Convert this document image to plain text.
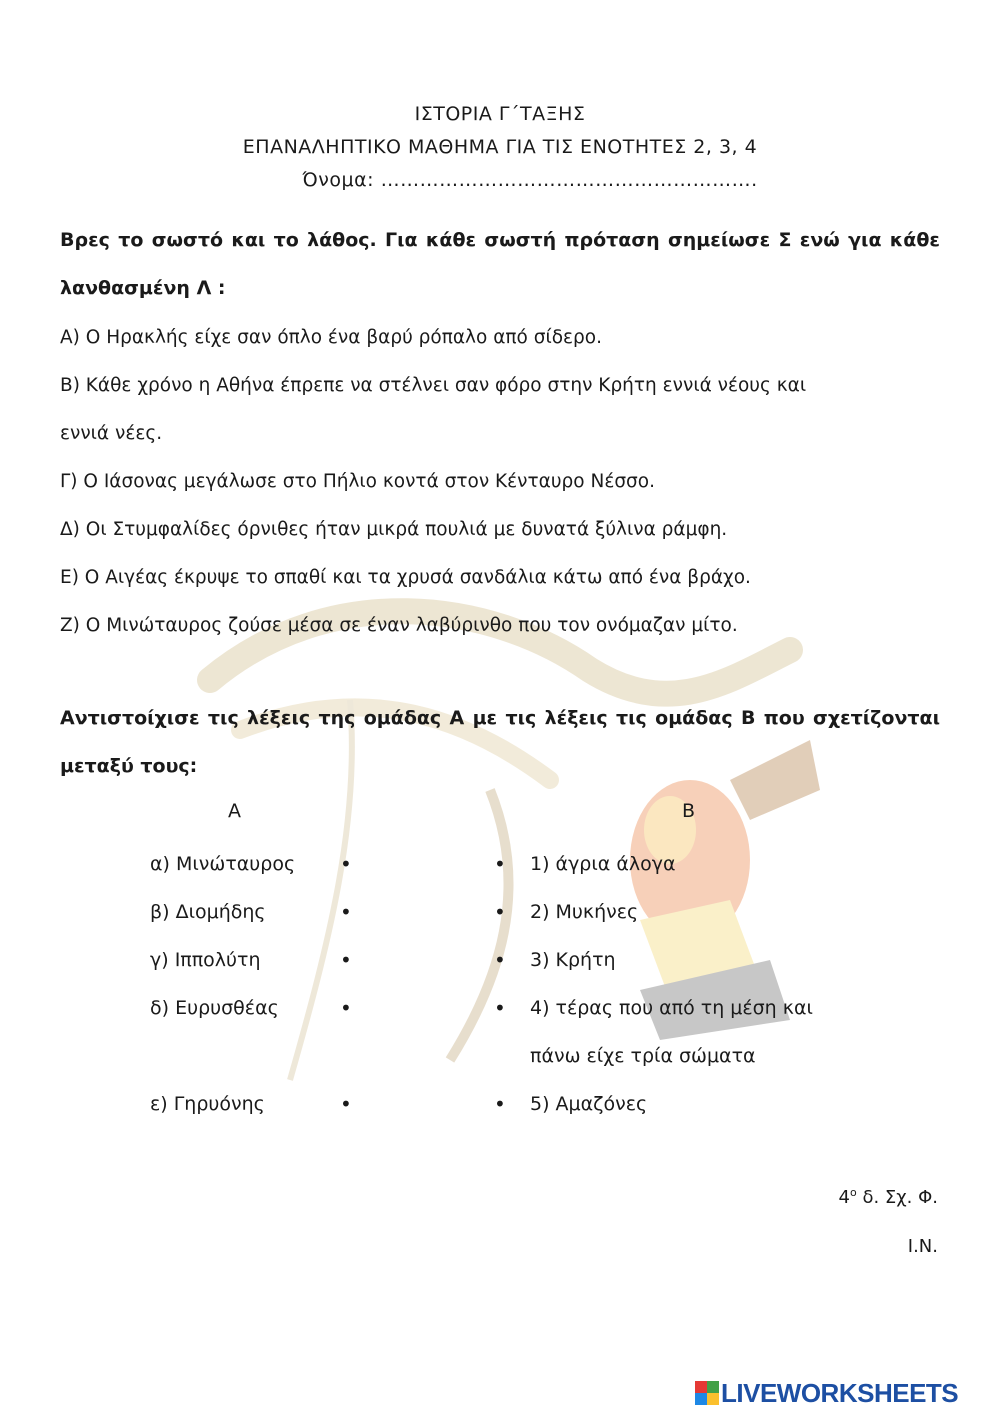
ΙΣΤΟΡΙΑ Γ΄ΤΑΞΗΣ
ΕΠΑΝΑΛΗΠΤΙΚΟ ΜΑΘΗΜΑ ΓΙΑ ΤΙΣ ΕΝΟΤΗΤΕΣ 2, 3, 4
Όνομα: ………………………………………………….
Βρες το σωστό και το λάθος. Για κάθε σωστή πρόταση σημείωσε Σ ενώ για κάθε λανθασμένη Λ :
Α) Ο Ηρακλής είχε σαν όπλο ένα βαρύ ρόπαλο από σίδερο.
Β) Κάθε χρόνο η Αθήνα έπρεπε να στέλνει σαν φόρο στην Κρήτη εννιά νέους και
εννιά νέες.
Γ) Ο Ιάσονας μεγάλωσε στο Πήλιο κοντά στον Κένταυρο Νέσσο.
Δ) Οι Στυμφαλίδες όρνιθες ήταν μικρά πουλιά με δυνατά ξύλινα ράμφη.
Ε) Ο Αιγέας έκρυψε το σπαθί και τα χρυσά σανδάλια κάτω από ένα βράχο.
Ζ) Ο Μινώταυρος ζούσε μέσα σε έναν λαβύρινθο που τον ονόμαζαν μίτο.
Αντιστοίχισε τις λέξεις της ομάδας Α με τις λέξεις τις ομάδας Β που σχετίζονται μεταξύ τους:
Α	Β
α) Μινώταυρος
β) Διομήδης
γ) Ιππολύτη
δ) Ευρυσθέας
ε) Γηρυόνης
•
•
•
•
•
•
•
•
•
•
1) άγρια άλογα
2) Μυκήνες
3) Κρήτη
4) τέρας που από τη μέση και
πάνω είχε τρία σώματα
5) Αμαζόνες
$4^o$ δ. Σχ. Φ.
Ι.Ν.
LIVEWORKSHEETS
